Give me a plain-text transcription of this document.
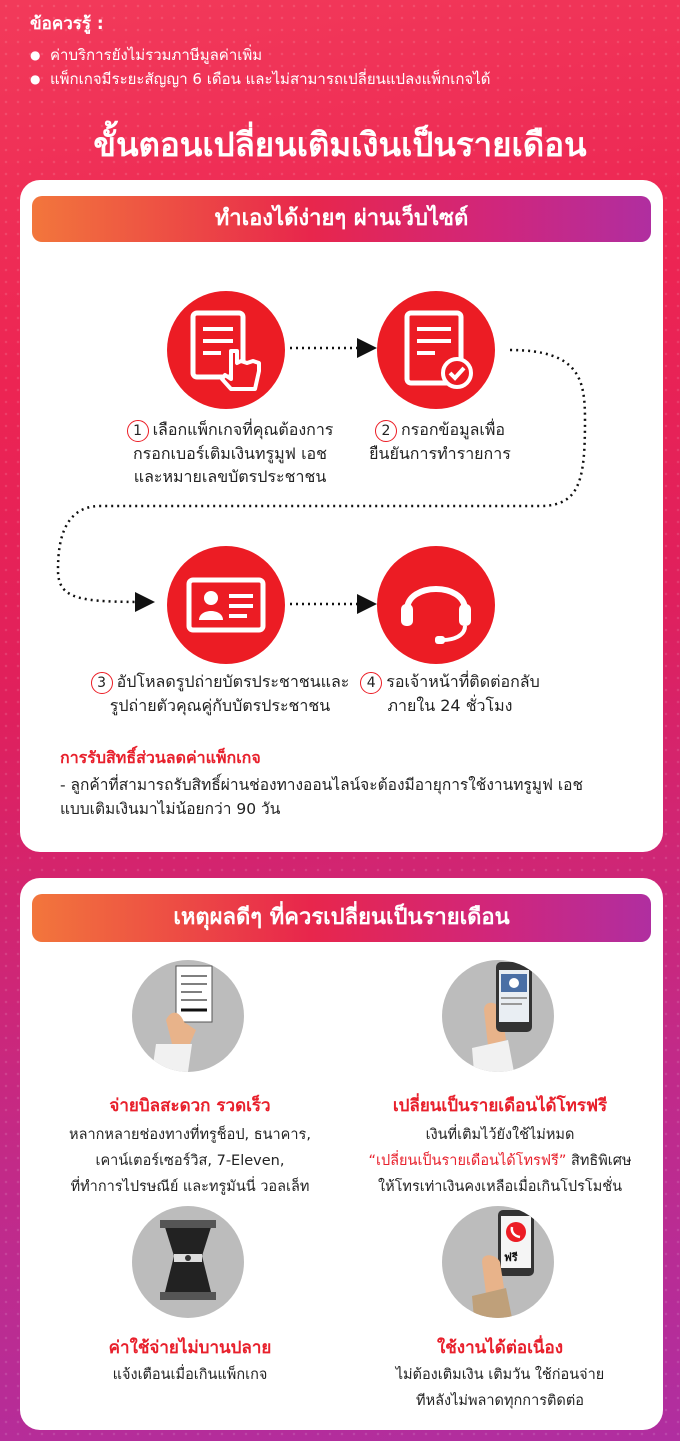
ข้อควรรู้ :
● ค่าบริการยังไม่รวมภาษีมูลค่าเพิ่ม
● แพ็กเกจมีระยะสัญญา 6 เดือน และไม่สามารถเปลี่ยนแปลงแพ็กเกจได้
ขั้นตอนเปลี่ยนเติมเงินเป็นรายเดือน
ทำเองได้ง่ายๆ ผ่านเว็บไซต์
1 เลือกแพ็กเกจที่คุณต้องการ
กรอกเบอร์เติมเงินทรูมูฟ เอช
และหมายเลขบัตรประชาชน
2 กรอกข้อมูลเพื่อ
ยืนยันการทำรายการ
3 อัปโหลดรูปถ่ายบัตรประชาชนและ
รูปถ่ายตัวคุณคู่กับบัตรประชาชน
4 รอเจ้าหน้าที่ติดต่อกลับ
ภายใน 24 ชั่วโมง
การรับสิทธิ์ส่วนลดค่าแพ็กเกจ
- ลูกค้าที่สามารถรับสิทธิ์ผ่านช่องทางออนไลน์จะต้องมีอายุการใช้งานทรูมูฟ เอช
แบบเติมเงินมาไม่น้อยกว่า 90 วัน
เหตุผลดีๆ ที่ควรเปลี่ยนเป็นรายเดือน
จ่ายบิลสะดวก รวดเร็ว
หลากหลายช่องทางที่ทรูช็อป, ธนาคาร,
เคาน์เตอร์เซอร์วิส, 7-Eleven,
ที่ทำการไปรษณีย์ และทรูมันนี่ วอลเล็ท
เปลี่ยนเป็นรายเดือนได้โทรฟรี
เงินที่เติมไว้ยังใช้ไม่หมด
“เปลี่ยนเป็นรายเดือนได้โทรฟรี” สิทธิพิเศษ
ให้โทรเท่าเงินคงเหลือเมื่อเกินโปรโมชั่น
ค่าใช้จ่ายไม่บานปลาย
แจ้งเตือนเมื่อเกินแพ็กเกจ
ฟรี
ใช้งานได้ต่อเนื่อง
ไม่ต้องเติมเงิน เติมวัน ใช้ก่อนจ่าย
ทีหลังไม่พลาดทุกการติดต่อ
